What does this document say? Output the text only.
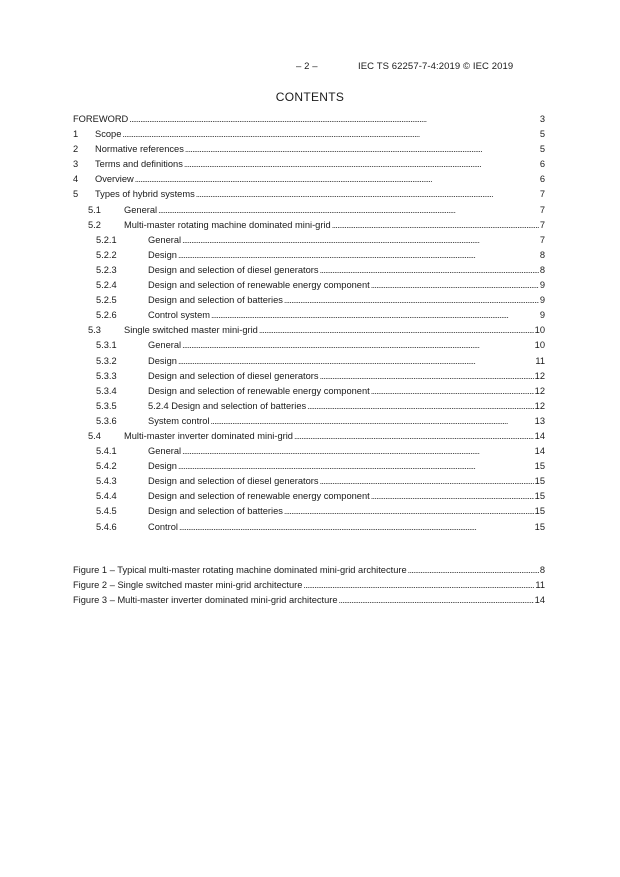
– 2 –	IEC TS 62257-7-4:2019 © IEC 2019
CONTENTS
FOREWORD . . .	3
1	Scope . . .	5
2	Normative references . . .	5
3	Terms and definitions . . .	6
4	Overview . . .	6
5	Types of hybrid systems . . .	7
5.1	General . . .	7
5.2	Multi-master rotating machine dominated mini-grid . . .	7
5.2.1	General . . .	7
5.2.2	Design . . .	8
5.2.3	Design and selection of diesel generators . . .	8
5.2.4	Design and selection of renewable energy component . . .	9
5.2.5	Design and selection of batteries . . .	9
5.2.6	Control system . . .	9
5.3	Single switched master mini-grid . . .	10
5.3.1	General . . .	10
5.3.2	Design . . .	11
5.3.3	Design and selection of diesel generators . . .	12
5.3.4	Design and selection of renewable energy component . . .	12
5.3.5	5.2.4 Design and selection of batteries . . .	12
5.3.6	System control . . .	13
5.4	Multi-master inverter dominated mini-grid . . .	14
5.4.1	General . . .	14
5.4.2	Design . . .	15
5.4.3	Design and selection of diesel generators . . .	15
5.4.4	Design and selection of renewable energy component . . .	15
5.4.5	Design and selection of batteries . . .	15
5.4.6	Control . . .	15
Figure 1 – Typical multi-master rotating machine dominated mini-grid architecture . . .	8
Figure 2 – Single switched master mini-grid architecture . . .	11
Figure 3 – Multi-master inverter dominated mini-grid architecture . . .	14
